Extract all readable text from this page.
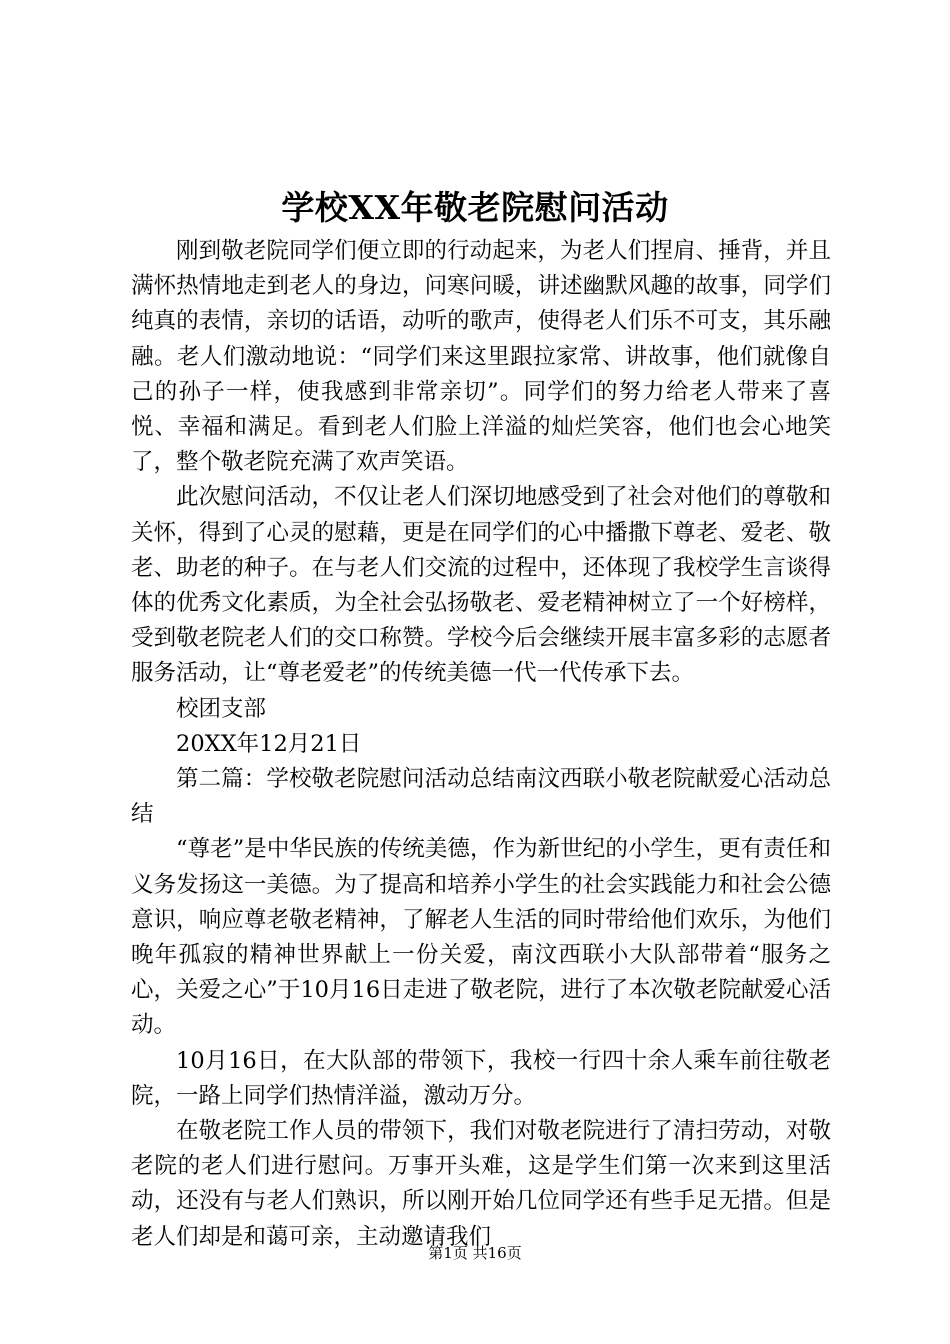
学校XX年敬老院慰问活动

刚到敬老院同学们便立即的行动起来，为老人们捏肩、捶背，并且满怀热情地走到老人的身边，问寒问暖，讲述幽默风趣的故事，同学们纯真的表情，亲切的话语，动听的歌声，使得老人们乐不可支，其乐融融。老人们激动地说：“同学们来这里跟拉家常、讲故事，他们就像自己的孙子一样，使我感到非常亲切”。同学们的努力给老人带来了喜悦、幸福和满足。看到老人们脸上洋溢的灿烂笑容，他们也会心地笑了，整个敬老院充满了欢声笑语。

此次慰问活动，不仅让老人们深切地感受到了社会对他们的尊敬和关怀，得到了心灵的慰藉，更是在同学们的心中播撒下尊老、爱老、敬老、助老的种子。在与老人们交流的过程中，还体现了我校学生言谈得体的优秀文化素质，为全社会弘扬敬老、爱老精神树立了一个好榜样，受到敬老院老人们的交口称赞。学校今后会继续开展丰富多彩的志愿者服务活动，让“尊老爱老”的传统美德一代一代传承下去。

校团支部

20XX年12月21日

第二篇：学校敬老院慰问活动总结南汶西联小敬老院献爱心活动总结

“尊老”是中华民族的传统美德，作为新世纪的小学生，更有责任和义务发扬这一美德。为了提高和培养小学生的社会实践能力和社会公德意识，响应尊老敬老精神，了解老人生活的同时带给他们欢乐，为他们晚年孤寂的精神世界献上一份关爱，南汶西联小大队部带着“服务之心，关爱之心”于10月16日走进了敬老院，进行了本次敬老院献爱心活动。

10月16日，在大队部的带领下，我校一行四十余人乘车前往敬老院，一路上同学们热情洋溢，激动万分。

在敬老院工作人员的带领下，我们对敬老院进行了清扫劳动，对敬老院的老人们进行慰问。万事开头难，这是学生们第一次来到这里活动，还没有与老人们熟识，所以刚开始几位同学还有些手足无措。但是老人们却是和蔼可亲，主动邀请我们

第1页 共16页
